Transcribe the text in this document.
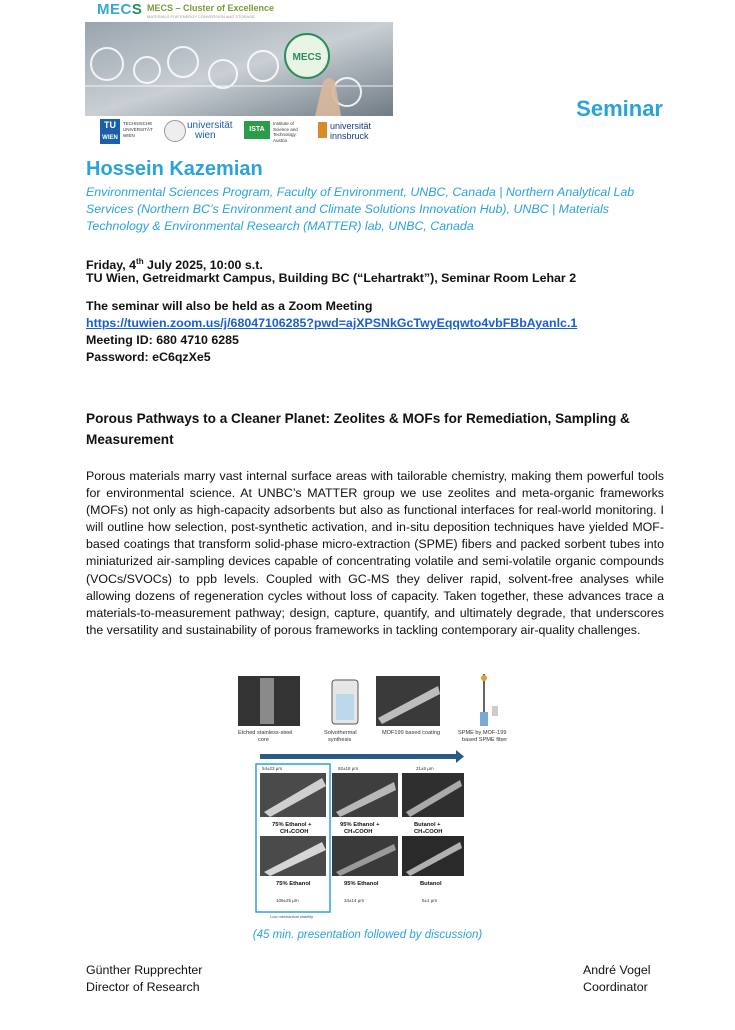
MECS MECS – Cluster of Excellence
MATERIALS FOR ENERGY CONVERSION AND STORAGE
MECS
TU
WIEN
TECHNISCHE UNIVERSITÄT WIEN
universität
wien
ISTA
Institute of Science and Technology Austria
universität
innsbruck
Seminar
Hossein Kazemian
Environmental Sciences Program, Faculty of Environment, UNBC, Canada | Northern Analytical Lab Services (Northern BC’s Environment and Climate Solutions Innovation Hub), UNBC | Materials Technology & Environmental Research (MATTER) lab, UNBC, Canada
Friday, 4th July 2025, 10:00 s.t.
TU Wien, Getreidmarkt Campus, Building BC (“Lehartrakt”), Seminar Room Lehar 2
The seminar will also be held as a Zoom Meeting
https://tuwien.zoom.us/j/68047106285?pwd=ajXPSNkGcTwyEqqwto4vbFBbAyanlc.1
Meeting ID: 680 4710 6285
Password: eC6qzXe5
Porous Pathways to a Cleaner Planet: Zeolites & MOFs for Remediation, Sampling & Measurement
Porous materials marry vast internal surface areas with tailorable chemistry, making them powerful tools for environmental science. At UNBC’s MATTER group we use zeolites and meta-organic frameworks (MOFs) not only as high-capacity adsorbents but also as functional interfaces for real-world monitoring. I will outline how selection, post-synthetic activation, and in-situ deposition techniques have yielded MOF-based coatings that transform solid-phase micro-extraction (SPME) fibers and packed sorbent tubes into miniaturized air-sampling devices capable of concentrating volatile and semi-volatile organic compounds (VOCs/SVOCs) to ppb levels. Coupled with GC-MS they deliver rapid, solvent-free analyses while allowing dozens of regeneration cycles without loss of capacity. Taken together, these advances trace a materials-to-measurement pathway; design, capture, quantify, and ultimately degrade, that underscores the versatility and sustainability of porous frameworks in tackling contemporary air-quality challenges.
Etched stainless-steel
core
Solvothermal
synthesis
MOF199 based coating	SPME by MOF-199
based SPME fiber
54±23 μm	92±18 μm	21±5 μm
75% Ethanol +
CH₃COOH
95% Ethanol +
CH₃COOH
Butanol +
CH₃COOH
75% Ethanol	95% Ethanol	Butanol
106±25 μm	34±14 μm	5±1 μm
Low mechanical stability
(45 min. presentation followed by discussion)
Günther Rupprechter
Director of Research
André Vogel
Coordinator
